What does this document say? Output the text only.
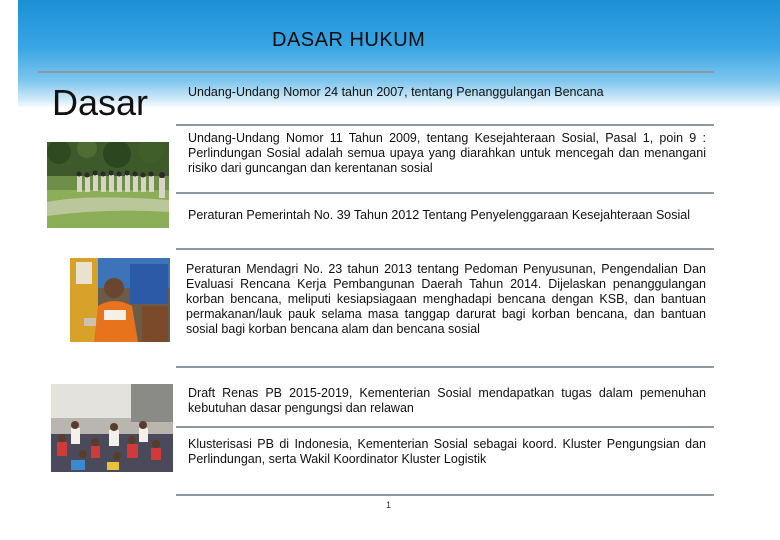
DASAR HUKUM
Dasar	Undang-Undang Nomor 24 tahun 2007, tentang Penanggulangan Bencana
Undang-Undang Nomor 11 Tahun 2009, tentang Kesejahteraan Sosial, Pasal 1, poin 9 : Perlindungan Sosial adalah semua upaya yang diarahkan untuk mencegah dan menangani risiko dari guncangan dan kerentanan sosial
Peraturan Pemerintah No. 39 Tahun 2012 Tentang Penyelenggaraan Kesejahteraan Sosial
Peraturan Mendagri No. 23 tahun 2013 tentang Pedoman Penyusunan, Pengendalian Dan Evaluasi Rencana Kerja Pembangunan Daerah Tahun 2014. Dijelaskan penanggulangan korban bencana, meliputi kesiapsiagaan menghadapi bencana dengan KSB, dan bantuan permakanan/lauk pauk selama masa tanggap darurat bagi korban bencana, dan bantuan sosial bagi korban bencana alam dan bencana sosial
Draft Renas PB 2015-2019, Kementerian Sosial mendapatkan tugas dalam pemenuhan kebutuhan dasar pengungsi dan relawan
Klusterisasi PB di Indonesia, Kementerian Sosial sebagai koord. Kluster Pengungsian dan Perlindungan, serta Wakil Koordinator Kluster Logistik
1
